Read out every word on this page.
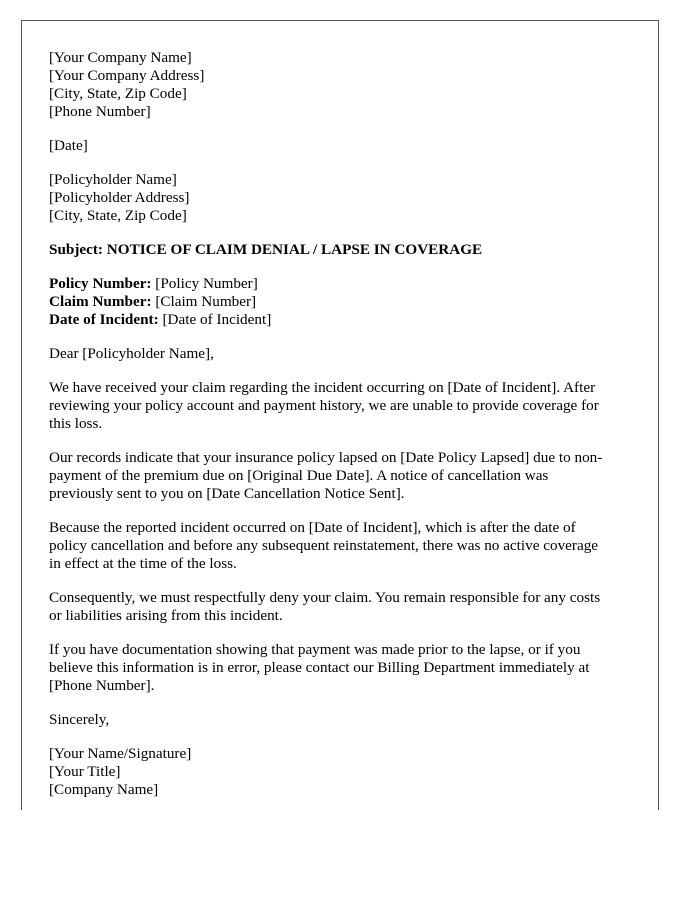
[Your Company Name]
[Your Company Address]
[City, State, Zip Code]
[Phone Number]
[Date]
[Policyholder Name]
[Policyholder Address]
[City, State, Zip Code]
Subject: NOTICE OF CLAIM DENIAL / LAPSE IN COVERAGE
Policy Number: [Policy Number]
Claim Number: [Claim Number]
Date of Incident: [Date of Incident]
Dear [Policyholder Name],
We have received your claim regarding the incident occurring on [Date of Incident]. After
reviewing your policy account and payment history, we are unable to provide coverage for
this loss.
Our records indicate that your insurance policy lapsed on [Date Policy Lapsed] due to non-
payment of the premium due on [Original Due Date]. A notice of cancellation was
previously sent to you on [Date Cancellation Notice Sent].
Because the reported incident occurred on [Date of Incident], which is after the date of
policy cancellation and before any subsequent reinstatement, there was no active coverage
in effect at the time of the loss.
Consequently, we must respectfully deny your claim. You remain responsible for any costs
or liabilities arising from this incident.
If you have documentation showing that payment was made prior to the lapse, or if you
believe this information is in error, please contact our Billing Department immediately at
[Phone Number].
Sincerely,
[Your Name/Signature]
[Your Title]
[Company Name]
